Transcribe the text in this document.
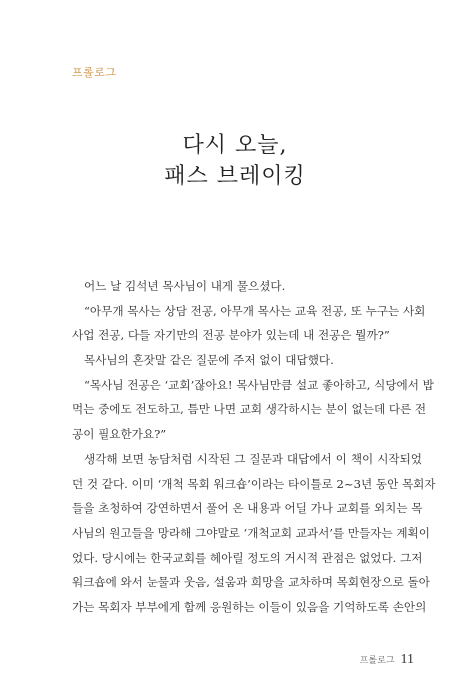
프롤로그
다시 오늘,
패스 브레이킹
어느 날 김석년 목사님이 내게 물으셨다.
“아무개 목사는 상담 전공, 아무개 목사는 교육 전공, 또 누구는 사회
사업 전공, 다들 자기만의 전공 분야가 있는데 내 전공은 뭘까?”
목사님의 혼잣말 같은 질문에 주저 없이 대답했다.
“목사님 전공은 ‘교회’잖아요! 목사님만큼 설교 좋아하고, 식당에서 밥
먹는 중에도 전도하고, 틈만 나면 교회 생각하시는 분이 없는데 다른 전
공이 필요한가요?”
생각해 보면 농담처럼 시작된 그 질문과 대답에서 이 책이 시작되었
던 것 같다. 이미 ‘개척 목회 워크숍’이라는 타이틀로 2~3년 동안 목회자
들을 초청하여 강연하면서 풀어 온 내용과 어딜 가나 교회를 외치는 목
사님의 원고들을 망라해 그야말로 ‘개척교회 교과서’를 만들자는 계획이
었다. 당시에는 한국교회를 헤아릴 정도의 거시적 관점은 없었다. 그저
워크숍에 와서 눈물과 웃음, 설움과 희망을 교차하며 목회현장으로 돌아
가는 목회자 부부에게 함께 응원하는 이들이 있음을 기억하도록 손안의
프롤로그 11
